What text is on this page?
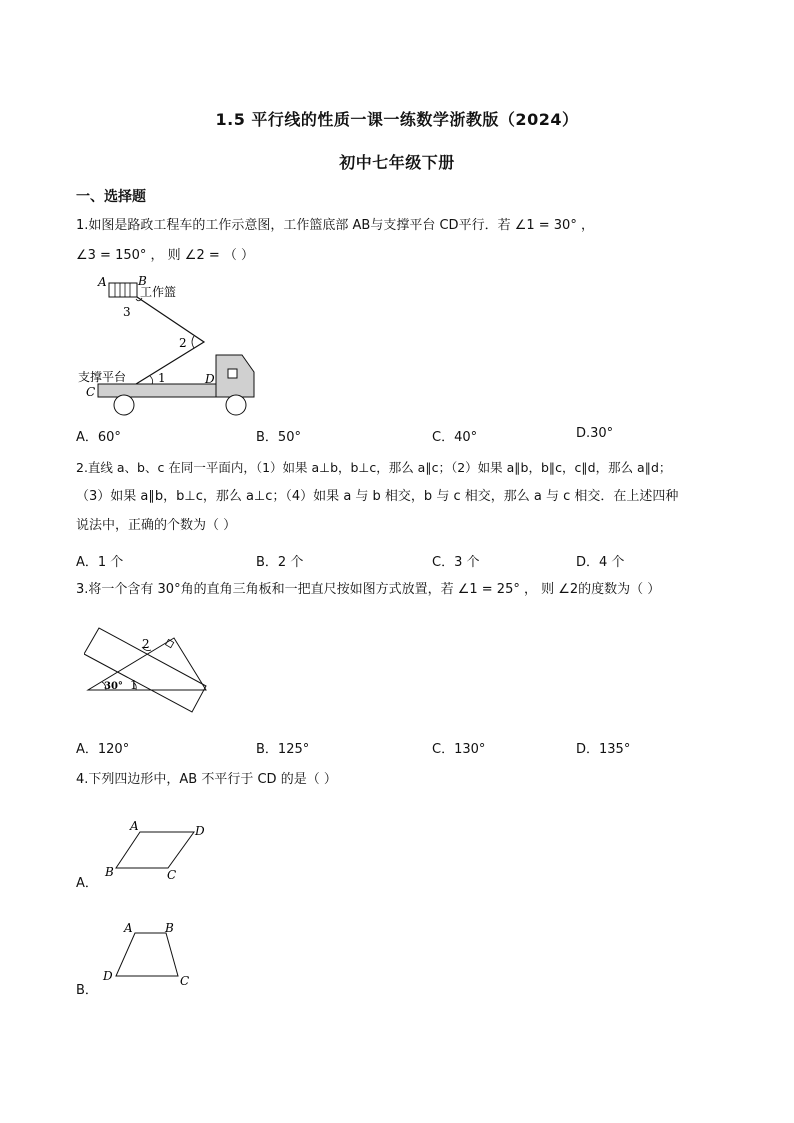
1.5 平行线的性质一课一练数学浙教版（2024）
初中七年级下册
一、选择题
1.如图是路政工程车的工作示意图，工作篮底部 AB与支撑平台 CD平行．若 ∠1 = 30° ，
∠3 = 150° ， 则 ∠2 = （ ）
A	B
工作篮
3
2
支撑平台	1
C
D
A．60°	B．50°	C．40°	D.30°
2.直线 a、b、c 在同一平面内，（1）如果 a⊥b，b⊥c，那么 a∥c；（2）如果 a∥b，b∥c，c∥d，那么 a∥d；
（3）如果 a∥b，b⊥c，那么 a⊥c；（4）如果 a 与 b 相交，b 与 c 相交，那么 a 与 c 相交．在上述四种
说法中，正确的个数为（ ）
A．1 个	B．2 个	C．3 个	D．4 个
3.将一个含有 30°角的直角三角板和一把直尺按如图方式放置，若 ∠1 = 25° ， 则 ∠2的度数为（ ）
2
1
30°
A．120°	B．125°	C．130°	D．135°
4.下列四边形中，AB 不平行于 CD 的是（ ）
A．
A	D
B	C
B．
A	B
D	C
